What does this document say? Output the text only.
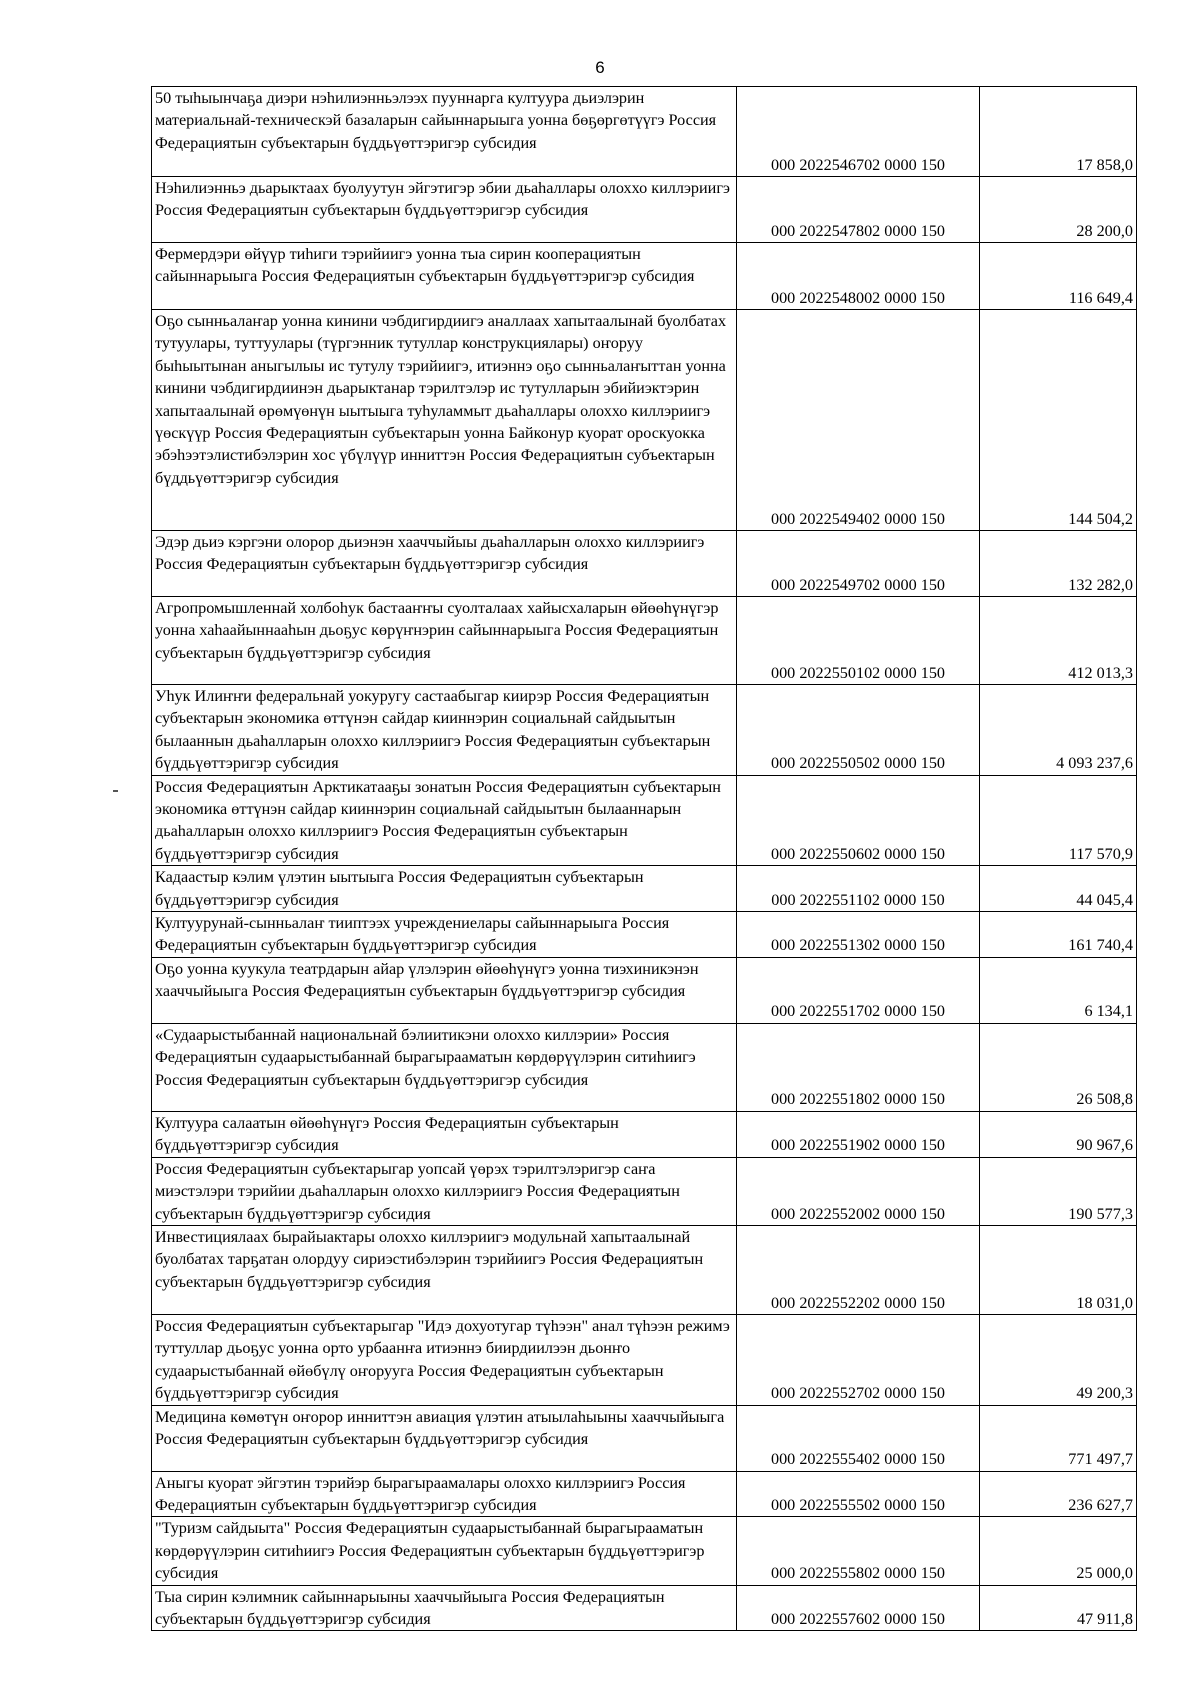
6
50 тыһыынчаҕа диэри нэһилиэнньэлээх пууннарга култуура дьиэлэрин материальнай-техническэй базаларын сайыннарыыга уонна бөҕөргөтүүгэ Россия Федерациятын субъектарын бүддьүөттэригэр субсидия	000 2022546702 0000 150	17 858,0
Нэһилиэнньэ дьарыктаах буолуутун эйгэтигэр эбии дьаһаллары олоххо киллэриигэ Россия Федерациятын субъектарын бүддьүөттэригэр субсидия	000 2022547802 0000 150	28 200,0
Фермердэри өйүүр тиһиги тэрийиигэ уонна тыа сирин кооперациятын сайыннарыыга Россия Федерациятын субъектарын бүддьүөттэригэр субсидия	000 2022548002 0000 150	116 649,4
Оҕо сынньалаҥар уонна кинини чэбдигирдиигэ аналлаах хапытаалынай буолбатах тутуулары, туттуулары (түргэнник тутуллар конструкциялары) оҥоруу быһыытынан аныгылыы ис тутулу тэрийиигэ, итиэннэ оҕо сынньалаҥыттан уонна кинини чэбдигирдиинэн дьарыктанар тэрилтэлэр ис тутулларын эбийиэктэрин хапытаалынай өрөмүөнүн ыытыыга туһуламмыт дьаһаллары олоххо киллэриигэ үөскүүр Россия Федерациятын субъектарын уонна Байконур куорат ороскуокка эбэһээтэлистибэлэрин хос үбүлүүр инниттэн Россия Федерациятын субъектарын бүддьүөттэригэр субсидия	000 2022549402 0000 150	144 504,2
Эдэр дьиэ кэргэни олорор дьиэнэн хааччыйыы дьаһалларын олоххо киллэриигэ Россия Федерациятын субъектарын бүддьүөттэригэр субсидия	000 2022549702 0000 150	132 282,0
Агропромышленнай холбоһук бастааҥҥы суолталаах хайысхаларын өйөөһүнүгэр уонна хаһаайыннааһын дьоҕус көрүҥнэрин сайыннарыыга Россия Федерациятын субъектарын бүддьүөттэригэр субсидия	000 2022550102 0000 150	412 013,3
Уһук Илиҥҥи федеральнай уокуругу састаабыгар киирэр Россия Федерациятын субъектарын экономика өттүнэн сайдар кииннэрин социальнай сайдыытын былааннын дьаһалларын олоххо киллэриигэ Россия Федерациятын субъектарын бүддьүөттэригэр субсидия	000 2022550502 0000 150	4 093 237,6
Россия Федерациятын Арктикатааҕы зонатын Россия Федерациятын субъектарын экономика өттүнэн сайдар кииннэрин социальнай сайдыытын былааннарын дьаһалларын олоххо киллэриигэ Россия Федерациятын субъектарын бүддьүөттэригэр субсидия	000 2022550602 0000 150	117 570,9
Кадаастыр кэлим үлэтин ыытыыга Россия Федерациятын субъектарын бүддьүөттэригэр субсидия	000 2022551102 0000 150	44 045,4
Култуурунай-сынньалаҥ тииптээх учреждениелары сайыннарыыга Россия Федерациятын субъектарын бүддьүөттэригэр субсидия	000 2022551302 0000 150	161 740,4
Оҕо уонна куукула театрдарын айар үлэлэрин өйөөһүнүгэ уонна тиэхиникэнэн хааччыйыыга Россия Федерациятын субъектарын бүддьүөттэригэр субсидия	000 2022551702 0000 150	6 134,1
«Судаарыстыбаннай национальнай бэлиитикэни олоххо киллэрии» Россия Федерациятын судаарыстыбаннай бырагырааматын көрдөрүүлэрин ситиһиигэ Россия Федерациятын субъектарын бүддьүөттэригэр субсидия	000 2022551802 0000 150	26 508,8
Култуура салаатын өйөөһүнүгэ Россия Федерациятын субъектарын бүддьүөттэригэр субсидия	000 2022551902 0000 150	90 967,6
Россия Федерациятын субъектарыгар уопсай үөрэх тэрилтэлэригэр саҥа миэстэлэри тэрийии дьаһалларын олоххо киллэриигэ Россия Федерациятын субъектарын бүддьүөттэригэр субсидия	000 2022552002 0000 150	190 577,3
Инвестициялаах бырайыактары олоххо киллэриигэ модульнай хапытаалынай буолбатах тарҕатан олордуу сириэстибэлэрин тэрийиигэ Россия Федерациятын субъектарын бүддьүөттэригэр субсидия	000 2022552202 0000 150	18 031,0
Россия Федерациятын субъектарыгар "Идэ дохуотугар түһээн" анал түһээн режимэ туттуллар дьоҕус уонна орто урбаанҥа итиэннэ биирдиилээн дьонҥо судаарыстыбаннай өйөбүлү оҥорууга Россия Федерациятын субъектарын бүддьүөттэригэр субсидия	000 2022552702 0000 150	49 200,3
Медицина көмөтүн оҥорор инниттэн авиация үлэтин атыылаһыыны хааччыйыыга Россия Федерациятын субъектарын бүддьүөттэригэр субсидия	000 2022555402 0000 150	771 497,7
Аныгы куорат эйгэтин тэрийэр бырагыраамалары олоххо киллэриигэ Россия Федерациятын субъектарын бүддьүөттэригэр субсидия	000 2022555502 0000 150	236 627,7
"Туризм сайдыыта" Россия Федерациятын судаарыстыбаннай бырагырааматын көрдөрүүлэрин ситиһиигэ Россия Федерациятын субъектарын бүддьүөттэригэр субсидия	000 2022555802 0000 150	25 000,0
Тыа сирин кэлимник сайыннарыыны хааччыйыыга Россия Федерациятын субъектарын бүддьүөттэригэр субсидия	000 2022557602 0000 150	47 911,8
